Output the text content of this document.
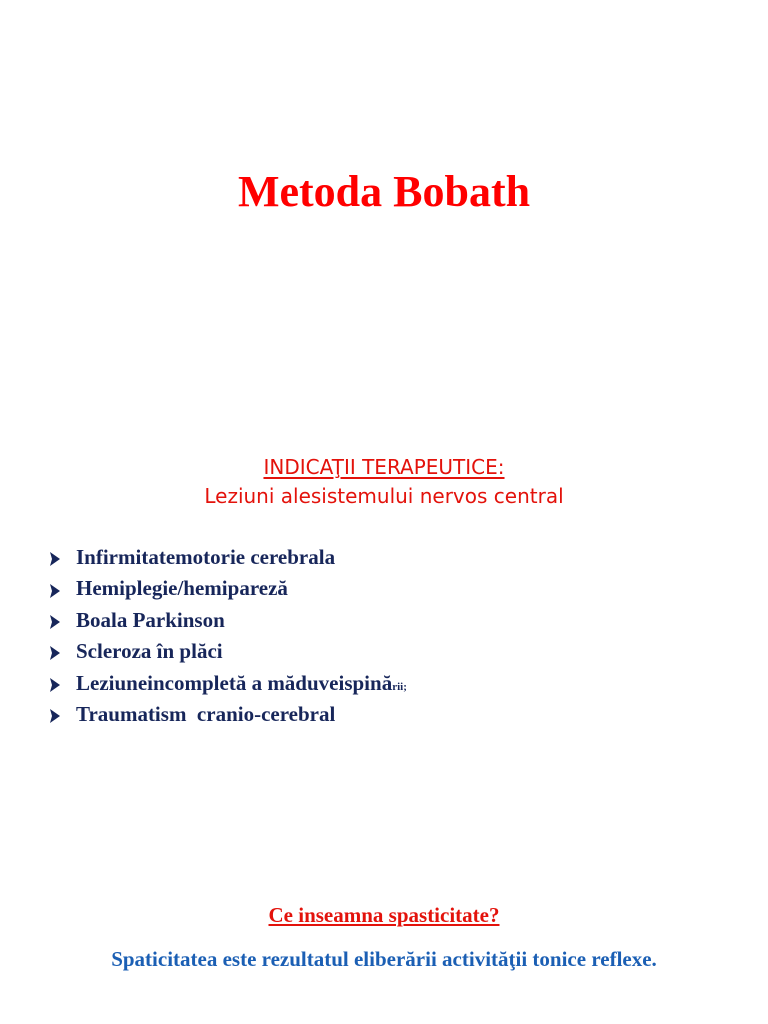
Metoda Bobath
INDICAŢII TERAPEUTICE:
Leziuni alesistemului nervos central
Infirmitatemotorie cerebrala
Hemiplegie/hemipareză
Boala Parkinson
Scleroza în plăci
Leziuneincompletă a măduveispinării;
Traumatism  cranio-cerebral
Ce inseamna spasticitate?
Spaticitatea este rezultatul eliberării activităţii tonice reflexe.
